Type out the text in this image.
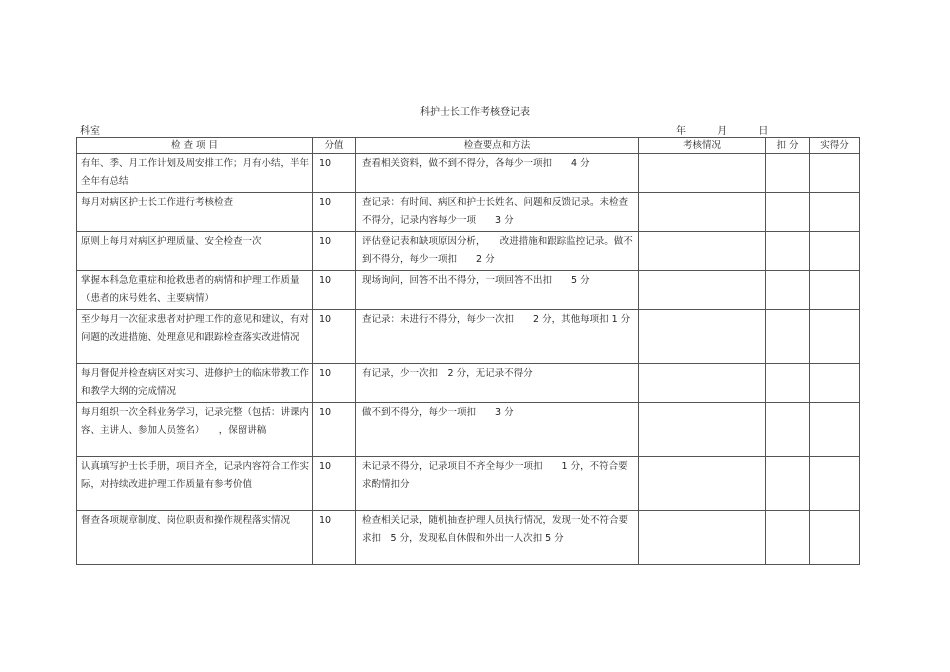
科护士长工作考核登记表
科室	年	月	日
检 查 项 目	分值	检查要点和方法	考核情况	扣 分	实得分
有年、季、月工作计划及周安排工作；月有小结，半年全年有总结	10	查看相关资料，做不到不得分，各每少一项扣　　4 分			
每月对病区护士长工作进行考核检查	10	查记录：有时间、病区和护士长姓名、问题和反馈记录。未检查不得分，记录内容每少一项　　3 分			
原则上每月对病区护理质量、安全检查一次	10	评估登记表和缺项原因分析，　　改进措施和跟踪监控记录。做不到不得分，每少一项扣　　2 分			
掌握本科急危重症和抢救患者的病情和护理工作质量（患者的床号姓名、主要病情）	10	现场询问，回答不出不得分，一项回答不出扣　　5 分			
至少每月一次征求患者对护理工作的意见和建议，有对问题的改进措施、处理意见和跟踪检查落实改进情况	10	查记录：未进行不得分，每少一次扣　　2 分，其他每项扣 1 分			
每月督促并检查病区对实习、进修护士的临床带教工作和教学大纲的完成情况	10	有记录，少一次扣　2 分，无记录不得分			
每月组织一次全科业务学习，记录完整（包括：讲课内容、主讲人、参加人员签名）　　，保留讲稿	10	做不到不得分，每少一项扣　　3 分			
认真填写护士长手册，项目齐全，记录内容符合工作实际，对持续改进护理工作质量有参考价值	10	未记录不得分，记录项目不齐全每少一项扣　　1 分，不符合要求酌情扣分			
督查各项规章制度、岗位职责和操作规程落实情况	10	检查相关记录，随机抽查护理人员执行情况，发现一处不符合要求扣　5 分，发现私自休假和外出一人次扣 5 分			
